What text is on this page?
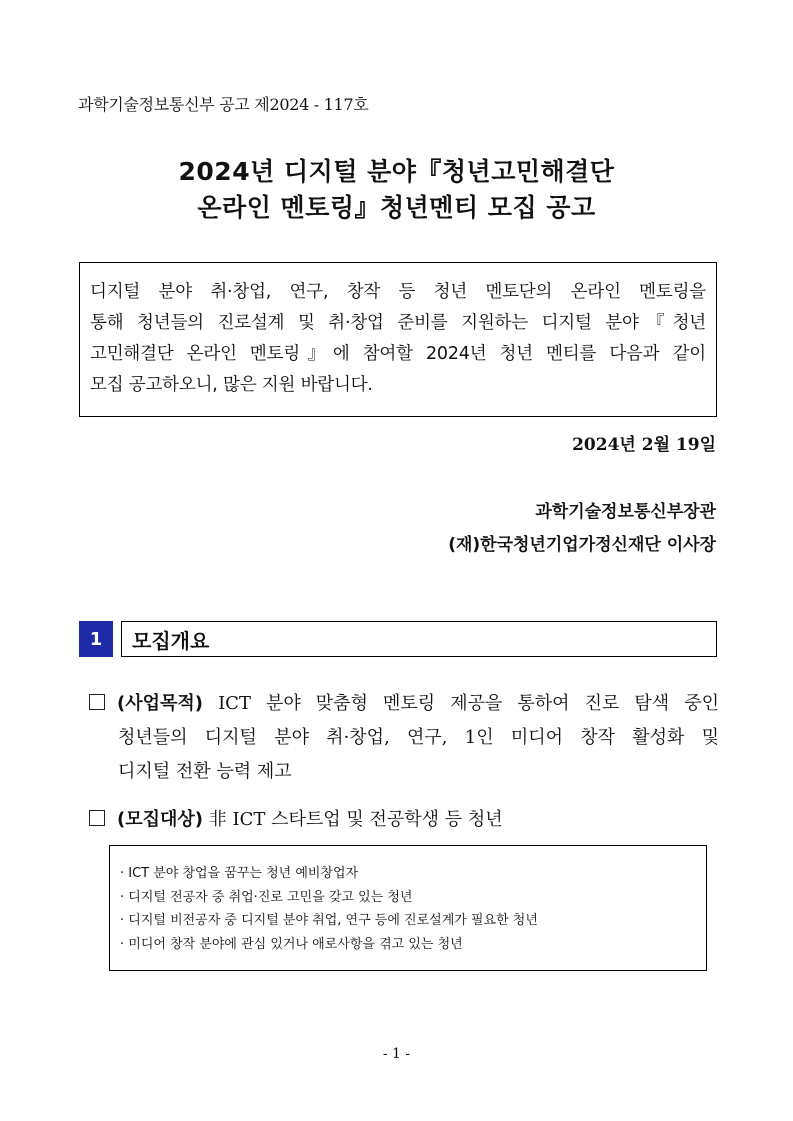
과학기술정보통신부 공고 제2024 - 117호
2024년 디지털 분야『청년고민해결단
온라인 멘토링』청년멘티 모집 공고
디지털 분야 취·창업, 연구, 창작 등 청년 멘토단의 온라인 멘토링을
통해 청년들의 진로설계 및 취·창업 준비를 지원하는 디지털 분야『청년
고민해결단 온라인 멘토링』에 참여할 2024년 청년 멘티를 다음과 같이
모집 공고하오니, 많은 지원 바랍니다.
2024년 2월 19일
과학기술정보통신부장관
(재)한국청년기업가정신재단 이사장
1	모집개요
(사업목적) ICT 분야 맞춤형 멘토링 제공을 통하여 진로 탐색 중인
청년들의 디지털 분야 취·창업, 연구, 1인 미디어 창작 활성화 및
디지털 전환 능력 제고
(모집대상) 非 ICT 스타트업 및 전공학생 등 청년
· ICT 분야 창업을 꿈꾸는 청년 예비창업자
· 디지털 전공자 중 취업·진로 고민을 갖고 있는 청년
· 디지털 비전공자 중 디지털 분야 취업, 연구 등에 진로설계가 필요한 청년
· 미디어 창작 분야에 관심 있거나 애로사항을 겪고 있는 청년
- 1 -
